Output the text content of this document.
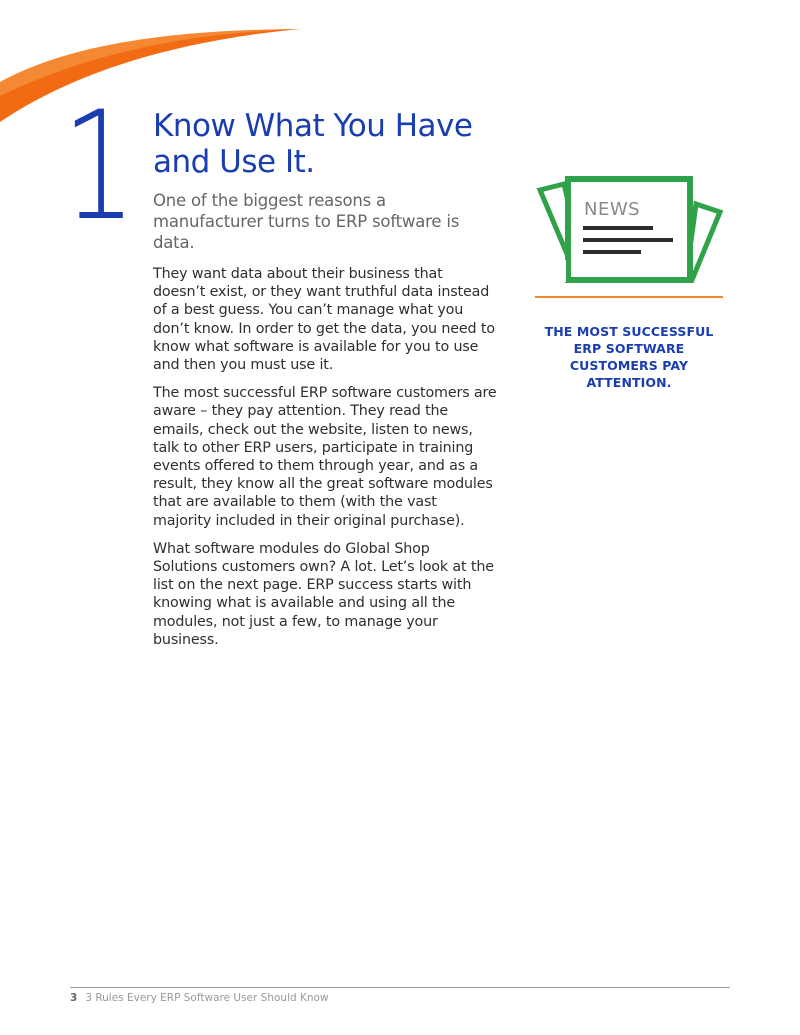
1 Know What You Have
and Use It.

One of the biggest reasons a manufacturer turns to ERP software is data.

They want data about their business that doesn’t exist, or they want truthful data instead of a best guess. You can’t manage what you don’t know. In order to get the data, you need to know what software is available for you to use and then you must use it.

The most successful ERP software customers are aware – they pay attention. They read the emails, check out the website, listen to news, talk to other ERP users, participate in training events offered to them through year, and as a result, they know all the great software modules that are available to them (with the vast majority included in their original purchase).

What software modules do Global Shop Solutions customers own? A lot. Let’s look at the list on the next page. ERP success starts with knowing what is available and using all the modules, not just a few, to manage your business.

NEWS
THE MOST SUCCESSFUL ERP SOFTWARE CUSTOMERS PAY ATTENTION.
3 3 Rules Every ERP Software User Should Know
